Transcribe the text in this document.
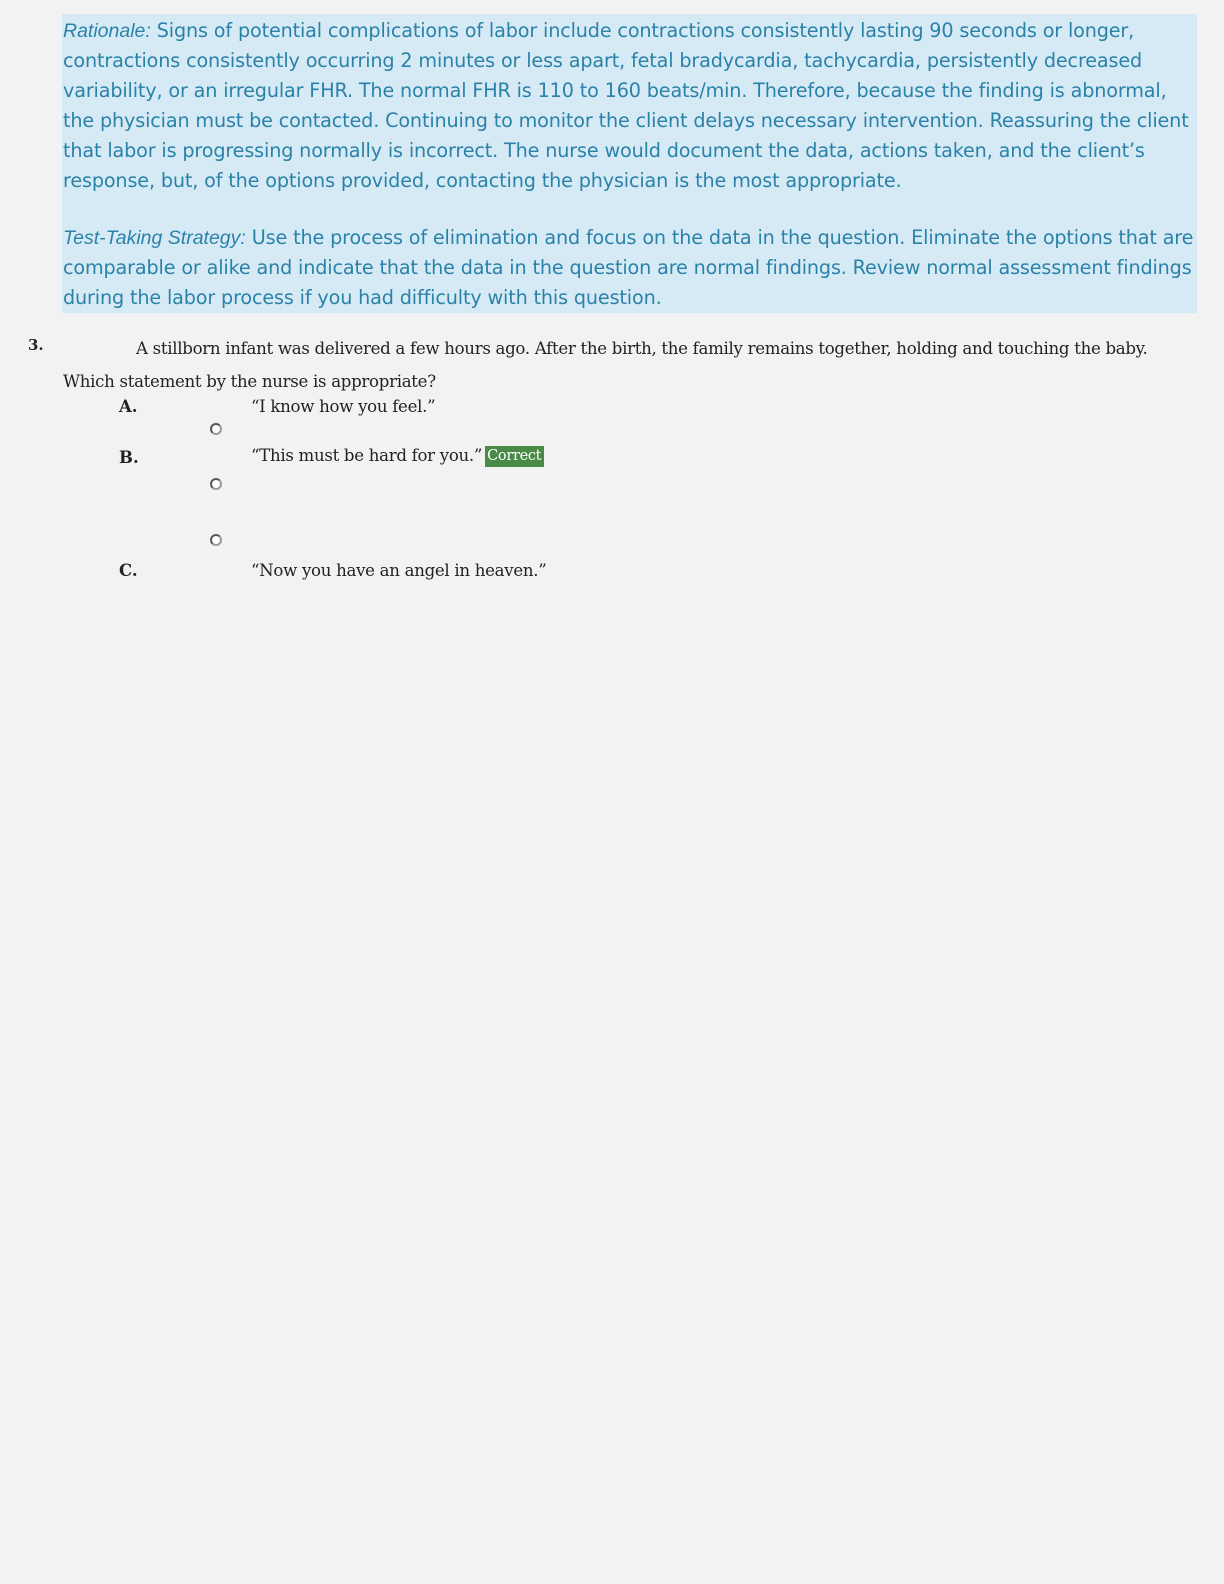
Rationale: Signs of potential complications of labor include contractions consistently lasting 90 seconds or longer, contractions consistently occurring 2 minutes or less apart, fetal bradycardia, tachycardia, persistently decreased variability, or an irregular FHR. The normal FHR is 110 to 160 beats/min. Therefore, because the finding is abnormal, the physician must be contacted. Continuing to monitor the client delays necessary intervention. Reassuring the client that labor is progressing normally is incorrect. The nurse would document the data, actions taken, and the client’s response, but, of the options provided, contacting the physician is the most appropriate.

Test-Taking Strategy: Use the process of elimination and focus on the data in the question. Eliminate the options that are comparable or alike and indicate that the data in the question are normal findings. Review normal assessment findings during the labor process if you had difficulty with this question.

3.	A stillborn infant was delivered a few hours ago. After the birth, the family remains together, holding and touching the baby. Which statement by the nurse is appropriate?
A.	“I know how you feel.”
B.	“This must be hard for you.” Correct
C.	“Now you have an angel in heaven.”
